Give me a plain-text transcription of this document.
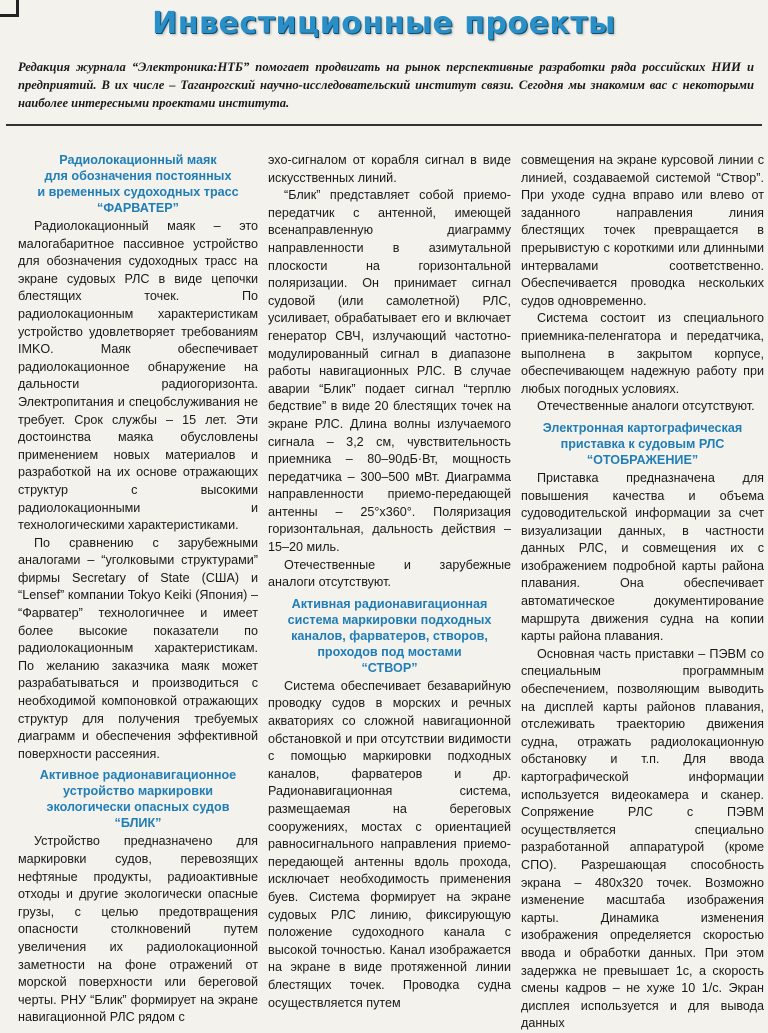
Инвестиционные проекты
Редакция журнала “Электроника:НТБ” помогает продвигать на рынок перспективные разработки ряда российских НИИ и предприятий. В их числе – Таганрогский научно-исследовательский институт связи. Сегодня мы знакомим вас с некоторыми наиболее интересными проектами института.
Радиолокационный маяк
для обозначения постоянных
и временных судоходных трасс
“ФАРВАТЕР”

Радиолокационный маяк – это малогабаритное пассивное устройство для обозначения судоходных трасс на экране судовых РЛС в виде цепочки блестящих точек. По радиолокационным характеристикам устройство удовлетворяет требованиям IMKO. Маяк обеспечивает радиолокационное обнаружение на дальности радиогоризонта. Электропитания и спецобслуживания не требует. Срок службы – 15 лет. Эти достоинства маяка обусловлены применением новых материалов и разработкой на их основе отражающих структур с высокими радиолокационными и технологическими характеристиками.

По сравнению с зарубежными аналогами – “уголковыми структурами” фирмы Secretary of State (США) и “Lensef” компании Tokyo Keiki (Япония) – “Фарватер” технологичнее и имеет более высокие показатели по радиолокационным характеристикам. По желанию заказчика маяк может разрабатываться и производиться с необходимой компоновкой отражающих структур для получения требуемых диаграмм и обеспечения эффективной поверхности рассеяния.

Активное радионавигационное
устройство маркировки
экологически опасных судов
“БЛИК”

Устройство предназначено для маркировки судов, перевозящих нефтяные продукты, радиоактивные отходы и другие экологически опасные грузы, с целью предотвращения опасности столкновений путем увеличения их радиолокационной заметности на фоне отражений от морской поверхности или береговой черты. РНУ “Блик” формирует на экране навигационной РЛС рядом с

эхо-сигналом от корабля сигнал в виде искусственных линий.

“Блик” представляет собой приемо-передатчик с антенной, имеющей всенаправленную диаграмму направленности в азимутальной плоскости на горизонтальной поляризации. Он принимает сигнал судовой (или самолетной) РЛС, усиливает, обрабатывает его и включает генератор СВЧ, излучающий частотно-модулированный сигнал в диапазоне работы навигационных РЛС. В случае аварии “Блик” подает сигнал “терплю бедствие” в виде 20 блестящих точек на экране РЛС. Длина волны излучаемого сигнала – 3,2 см, чувствительность приемника – 80–90дБ·Вт, мощность передатчика – 300–500 мВт. Диаграмма направленности приемо-передающей антенны – 25°х360°. Поляризация горизонтальная, дальность действия – 15–20 миль.

Отечественные и зарубежные аналоги отсутствуют.

Активная радионавигационная
система маркировки подходных
каналов, фарватеров, створов,
проходов под мостами
“СТВОР”

Система обеспечивает безаварийную проводку судов в морских и речных акваториях со сложной навигационной обстановкой и при отсутствии видимости с помощью маркировки подходных каналов, фарватеров и др. Радионавигационная система, размещаемая на береговых сооружениях, мостах с ориентацией равносигнального направления приемо-передающей антенны вдоль прохода, исключает необходимость применения буев. Система формирует на экране судовых РЛС линию, фиксирующую положение судоходного канала с высокой точностью. Канал изображается на экране в виде протяженной линии блестящих точек. Проводка судна осуществляется путем

совмещения на экране курсовой линии с линией, создаваемой системой “Створ”. При уходе судна вправо или влево от заданного направления линия блестящих точек превращается в прерывистую с короткими или длинными интервалами соответственно. Обеспечивается проводка нескольких судов одновременно.

Система состоит из специального приемника-пеленгатора и передатчика, выполнена в закрытом корпусе, обеспечивающем надежную работу при любых погодных условиях.

Отечественные аналоги отсутствуют.

Электронная картографическая
приставка к судовым РЛС
“ОТОБРАЖЕНИЕ”

Приставка предназначена для повышения качества и объема судоводительской информации за счет визуализации данных, в частности данных РЛС, и совмещения их с изображением подробной карты района плавания. Она обеспечивает автоматическое документирование маршрута движения судна на копии карты района плавания.

Основная часть приставки – ПЭВМ со специальным программным обеспечением, позволяющим выводить на дисплей карты районов плавания, отслеживать траекторию движения судна, отражать радиолокационную обстановку и т.п. Для ввода картографической информации используется видеокамера и сканер. Сопряжение РЛС с ПЭВМ осуществляется специально разработанной аппаратурой (кроме СПО). Разрешающая способность экрана – 480х320 точек. Возможно изменение масштаба изображения карты. Динамика изменения изображения определяется скоростью ввода и обработки данных. При этом задержка не превышает 1с, а скорость смены кадров – не хуже 10 1/с. Экран дисплея используется и для вывода данных
